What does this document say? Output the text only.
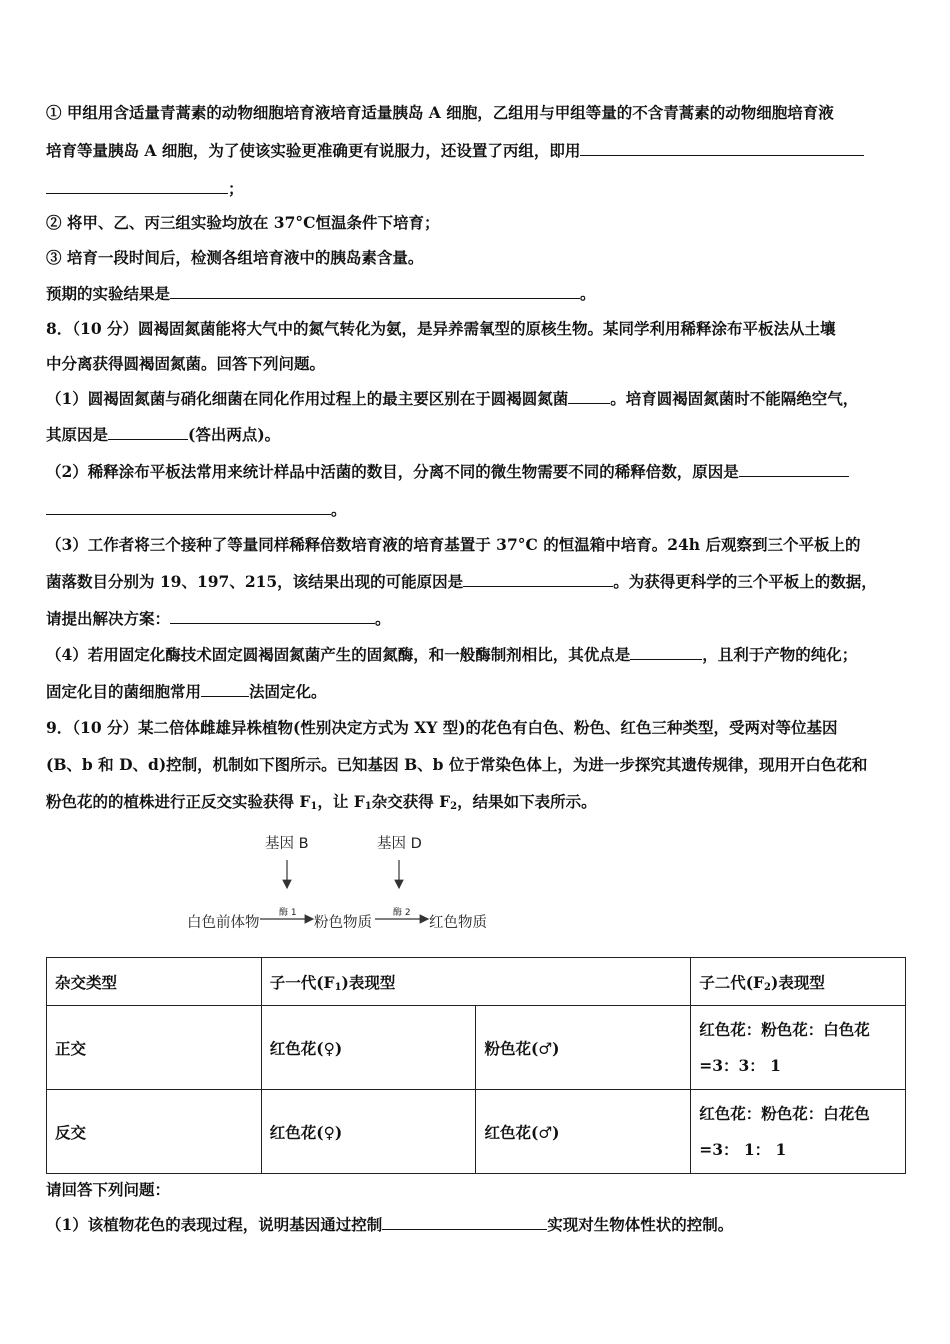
① 甲组用含适量青蒿素的动物细胞培育液培育适量胰岛 A 细胞，乙组用与甲组等量的不含青蒿素的动物细胞培育液
培育等量胰岛 A 细胞，为了使该实验更准确更有说服力，还设置了丙组，即用
；
② 将甲、乙、丙三组实验均放在 37°C恒温条件下培育；
③ 培育一段时间后，检测各组培育液中的胰岛素含量。
预期的实验结果是	。
8．（10 分）圆褐固氮菌能将大气中的氮气转化为氨，是异养需氧型的原核生物。某同学利用稀释涂布平板法从土壤
中分离获得圆褐固氮菌。回答下列问题。
（1）圆褐固氮菌与硝化细菌在同化作用过程上的最主要区别在于圆褐圆氮菌	。培育圆褐固氮菌时不能隔绝空气，
其原因是	(答出两点)。
（2）稀释涂布平板法常用来统计样品中活菌的数目，分离不同的微生物需要不同的稀释倍数，原因是
。
（3）工作者将三个接种了等量同样稀释倍数培育液的培育基置于 37°C 的恒温箱中培育。24h 后观察到三个平板上的
菌落数目分别为 19、197、215，该结果出现的可能原因是	。为获得更科学的三个平板上的数据，
请提出解决方案：	。
（4）若用固定化酶技术固定圆褐固氮菌产生的固氮酶，和一般酶制剂相比，其优点是	，且利于产物的纯化；
固定化目的菌细胞常用	法固定化。
9．（10 分）某二倍体雌雄异株植物(性别决定方式为 XY 型)的花色有白色、粉色、红色三种类型，受两对等位基因
(B、b 和 D、d)控制，机制如下图所示。已知基因 B、b 位于常染色体上，为进一步探究其遗传规律，现用开白色花和
粉色花的的植株进行正反交实验获得 $F_1$，让 $F_1$杂交获得 $F_2$，结果如下表所示。
基因 B	基因 D
酶 1	酶 2
白色前体物	粉色物质	红色物质
杂交类型	子一代$(F_1)$表现型		子二代$(F_2)$表现型
正交	红色花(♀)	粉色花(♂)	红色花：粉色花：白色花
=3：3： 1

反交	红色花(♀)	红色花(♂)	红色花：粉色花：白花色
=3： 1： 1
请回答下列问题：
（1）该植物花色的表现过程，说明基因通过控制	实现对生物体性状的控制。
